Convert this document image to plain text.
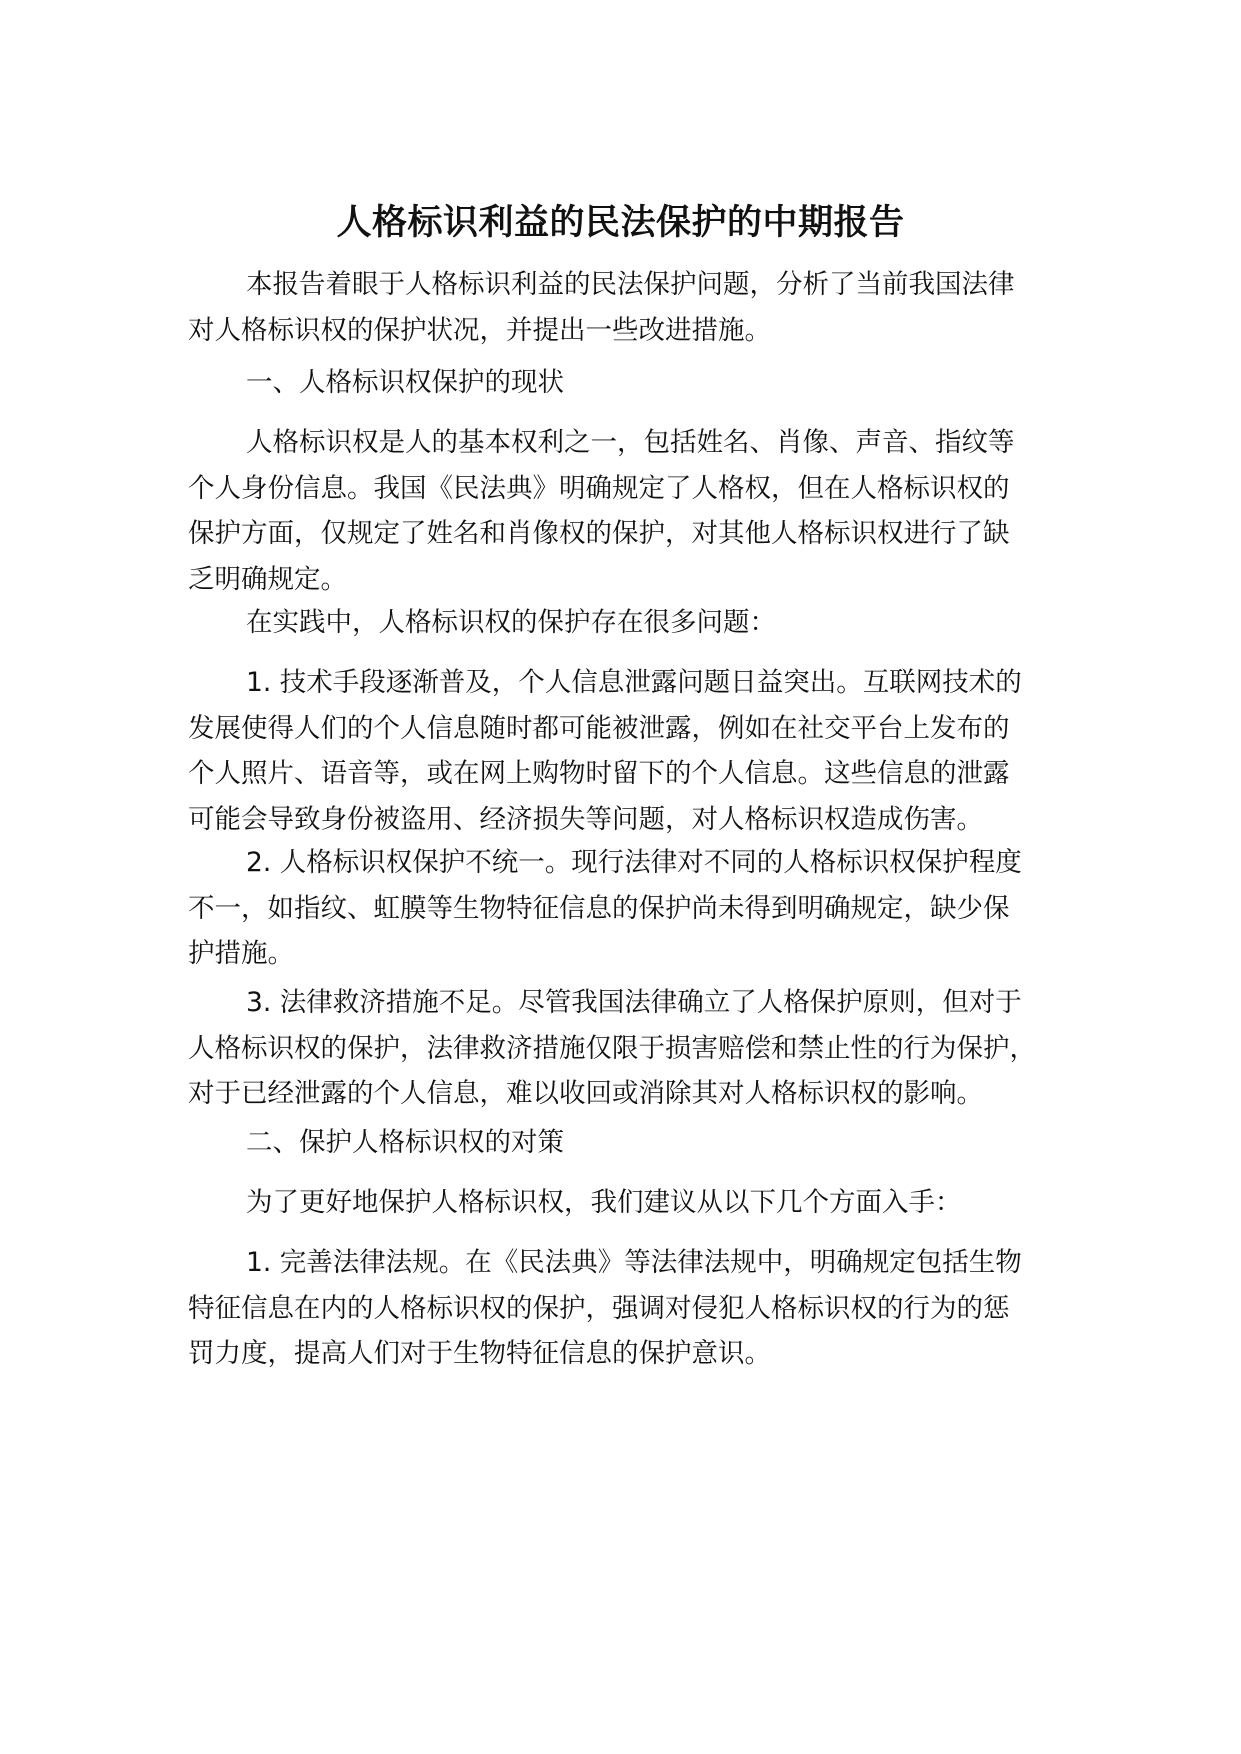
人格标识利益的民法保护的中期报告

本报告着眼于人格标识利益的民法保护问题，分析了当前我国法律
对人格标识权的保护状况，并提出一些改进措施。

一、人格标识权保护的现状

人格标识权是人的基本权利之一，包括姓名、肖像、声音、指纹等
个人身份信息。我国《民法典》明确规定了人格权，但在人格标识权的
保护方面，仅规定了姓名和肖像权的保护，对其他人格标识权进行了缺
乏明确规定。

在实践中，人格标识权的保护存在很多问题：

1. 技术手段逐渐普及，个人信息泄露问题日益突出。互联网技术的
发展使得人们的个人信息随时都可能被泄露，例如在社交平台上发布的
个人照片、语音等，或在网上购物时留下的个人信息。这些信息的泄露
可能会导致身份被盗用、经济损失等问题，对人格标识权造成伤害。

2. 人格标识权保护不统一。现行法律对不同的人格标识权保护程度
不一，如指纹、虹膜等生物特征信息的保护尚未得到明确规定，缺少保
护措施。

3. 法律救济措施不足。尽管我国法律确立了人格保护原则，但对于
人格标识权的保护，法律救济措施仅限于损害赔偿和禁止性的行为保护，
对于已经泄露的个人信息，难以收回或消除其对人格标识权的影响。

二、保护人格标识权的对策

为了更好地保护人格标识权，我们建议从以下几个方面入手：

1. 完善法律法规。在《民法典》等法律法规中，明确规定包括生物
特征信息在内的人格标识权的保护，强调对侵犯人格标识权的行为的惩
罚力度，提高人们对于生物特征信息的保护意识。
